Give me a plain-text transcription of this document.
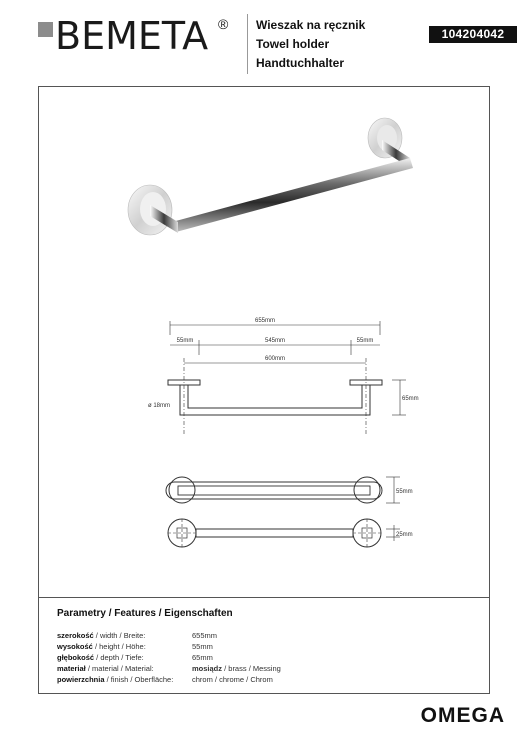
BEMETA ® Wieszak na ręcznik
Towel holder
Handtuchhalter
104204042
655mm
55mm	545mm	55mm
600mm
65mm
ø 18mm
55mm
25mm
Parametry / Features / Eigenschaften
szerokość / width / Breite:	655mm
wysokość / height / Höhe:	55mm
głębokość / depth / Tiefe:	65mm
materiał / material / Material:	mosiądz / brass / Messing
powierzchnia / finish / Oberfläche: chrom / chrome / Chrom
OMEGA
